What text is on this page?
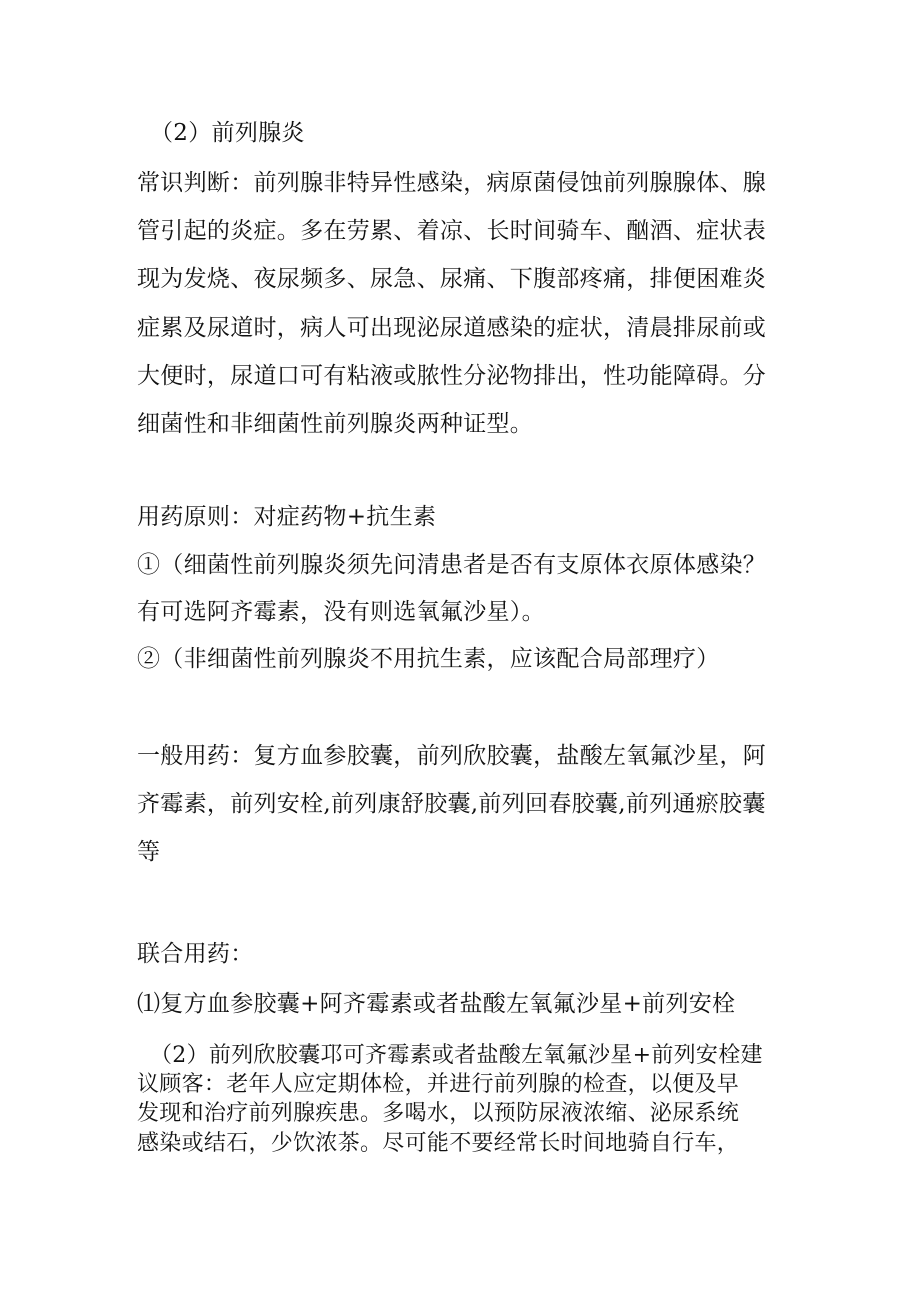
（2）前列腺炎
常识判断：前列腺非特异性感染，病原菌侵蚀前列腺腺体、腺
管引起的炎症。多在劳累、着凉、长时间骑车、酗酒、症状表
现为发烧、夜尿频多、尿急、尿痛、下腹部疼痛，排便困难炎
症累及尿道时，病人可出现泌尿道感染的症状，清晨排尿前或
大便时，尿道口可有粘液或脓性分泌物排出，性功能障碍。分
细菌性和非细菌性前列腺炎两种证型。
用药原则：对症药物+抗生素
①（细菌性前列腺炎须先问清患者是否有支原体衣原体感染？
有可选阿齐霉素，没有则选氧氟沙星）。
②（非细菌性前列腺炎不用抗生素，应该配合局部理疗）
一般用药：复方血参胶囊，前列欣胶囊，盐酸左氧氟沙星，阿
齐霉素，前列安栓,前列康舒胶囊,前列回春胶囊,前列通瘀胶囊
等
联合用药：
⑴复方血参胶囊+阿齐霉素或者盐酸左氧氟沙星+前列安栓
（2）前列欣胶囊邛可齐霉素或者盐酸左氧氟沙星+前列安栓建
议顾客：老年人应定期体检，并进行前列腺的检查，以便及早
发现和治疗前列腺疾患。多喝水，以预防尿液浓缩、泌尿系统
感染或结石，少饮浓茶。尽可能不要经常长时间地骑自行车，
